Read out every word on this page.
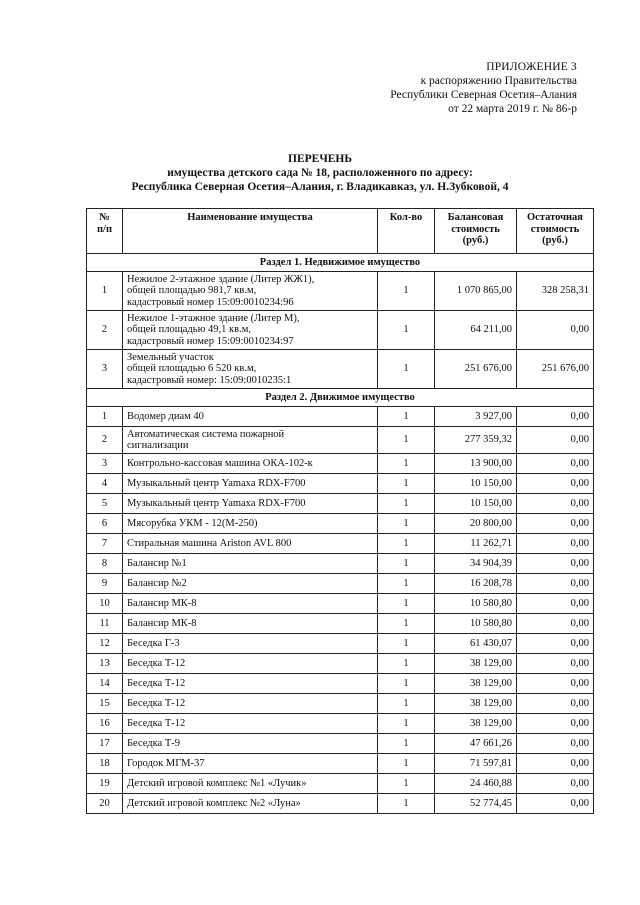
ПРИЛОЖЕНИЕ 3
к распоряжению Правительства
Республики Северная Осетия–Алания
от 22 марта 2019 г. № 86-р
ПЕРЕЧЕНЬ
имущества детского сада № 18, расположенного по адресу:
Республика Северная Осетия–Алания, г. Владикавказ, ул. Н.Зубковой, 4
№
п/п	Наименование имущества	Кол-во	Балансовая
стоимость
(руб.)	Остаточная
стоимость
(руб.)

Раздел 1. Недвижимое имущество				
1	Нежилое 2-этажное здание (Литер ЖЖ1),
общей площадью 981,7 кв.м,
кадастровый номер 15:09:0010234:96	1	1 070 865,00	328 258,31
2	Нежилое 1-этажное здание (Литер М),
общей площадью 49,1 кв.м,
кадастровый номер 15:09:0010234:97	1	64 211,00	0,00
3	Земельный участок
общей площадью 6 520 кв.м,
кадастровый номер: 15:09:0010235:1	1	251 676,00	251 676,00
Раздел 2. Движимое имущество				
1	Водомер диам 40	1	3 927,00	0,00
2	Автоматическая система пожарной
сигнализации	1	277 359,32	0,00
3	Контрольно-кассовая машина ОКА-102-к	1	13 900,00	0,00
4	Музыкальный центр Yamaxa RDX-F700	1	10 150,00	0,00
5	Музыкальный центр Yamaxa RDX-F700	1	10 150,00	0,00
6	Мясорубка УКМ - 12(М-250)	1	20 800,00	0,00
7	Стиральная машина Ariston AVL 800	1	11 262,71	0,00
8	Балансир №1	1	34 904,39	0,00
9	Балансир №2	1	16 208,78	0,00
10	Балансир МК-8	1	10 580,80	0,00
11	Балансир МК-8	1	10 580,80	0,00
12	Беседка Г-3	1	61 430,07	0,00
13	Беседка Т-12	1	38 129,00	0,00
14	Беседка Т-12	1	38 129,00	0,00
15	Беседка Т-12	1	38 129,00	0,00
16	Беседка Т-12	1	38 129,00	0,00
17	Беседка Т-9	1	47 661,26	0,00
18	Городок МГМ-37	1	71 597,81	0,00
19	Детский игровой комплекс №1 «Лучик»	1	24 460,88	0,00
20	Детский игровой комплекс №2 «Луна»	1	52 774,45	0,00
